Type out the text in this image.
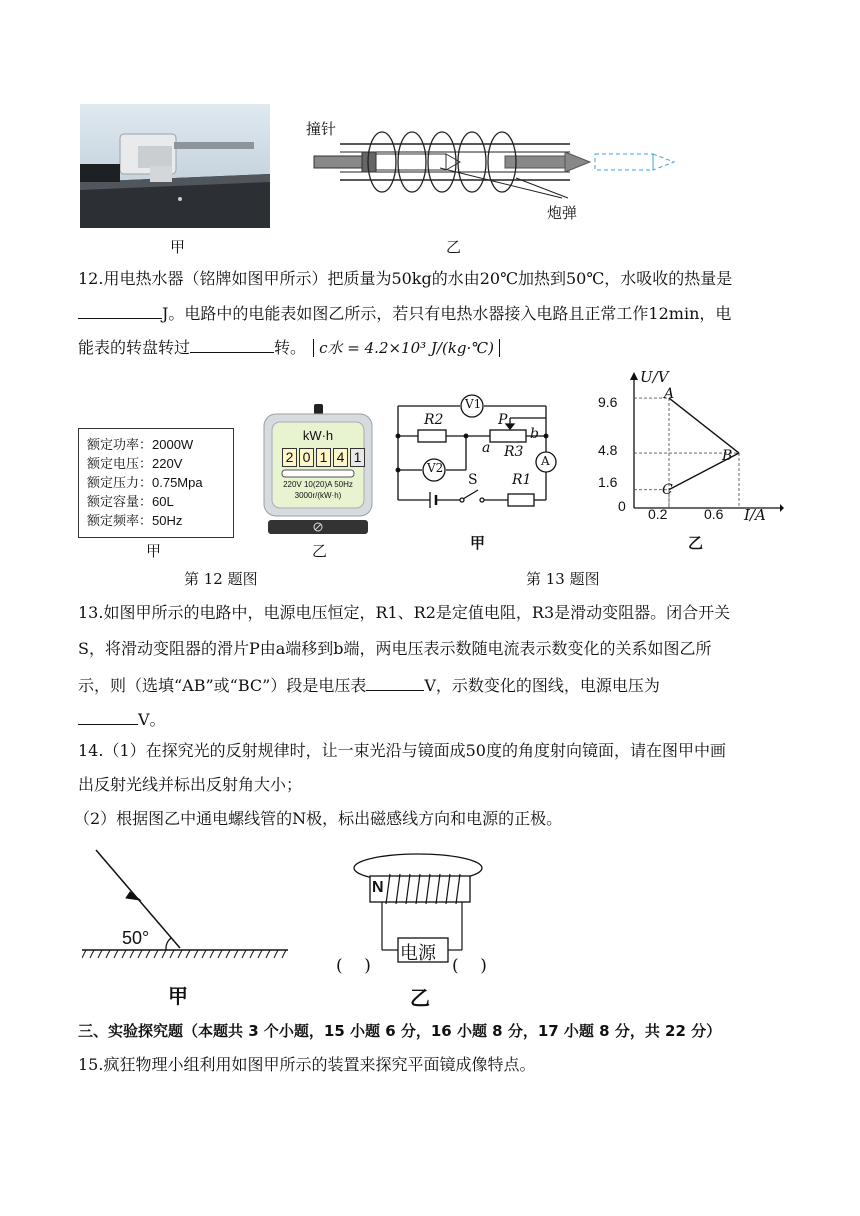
撞针
炮弹
甲	乙
12.用电热水器（铭牌如图甲所示）把质量为50kg的水由20℃加热到50℃，水吸收的热量是
J。电路中的电能表如图乙所示，若只有电热水器接入电路且正常工作12min，电
能表的转盘转过	转。 c水 = 4.2×10³ J/(kg·℃)
额定功率：2000W
额定电压：220V
额定压力：0.75Mpa
额定容量：60L
额定频率：50Hz
甲
kW·h
2 0 1 4 1
220V 10(20)A 50Hz
3000r/(kW·h)
乙
V1
V2	A
R2	P
a
b
R3
S R1
甲
U/V
I/A
0
9.6
4.8
1.6
0.2	0.6
A
B
C
乙
第 12 题图	第 13 题图
13.如图甲所示的电路中，电源电压恒定，R1、R2是定值电阻，R3是滑动变阻器。闭合开关
S，将滑动变阻器的滑片P由a端移到b端，两电压表示数随电流表示数变化的关系如图乙所
示，则（选填“AB”或“BC”）段是电压表	V，示数变化的图线，电源电压为
V。
14.（1）在探究光的反射规律时，让一束光沿与镜面成50度的角度射向镜面，请在图甲中画
出反射光线并标出反射角大小；
（2）根据图乙中通电螺线管的N极，标出磁感线方向和电源的正极。
50°
甲
N
电源
(    )	(    )
乙
三、实验探究题（本题共 3 个小题，15 小题 6 分，16 小题 8 分，17 小题 8 分，共 22 分）
15.疯狂物理小组利用如图甲所示的装置来探究平面镜成像特点。
